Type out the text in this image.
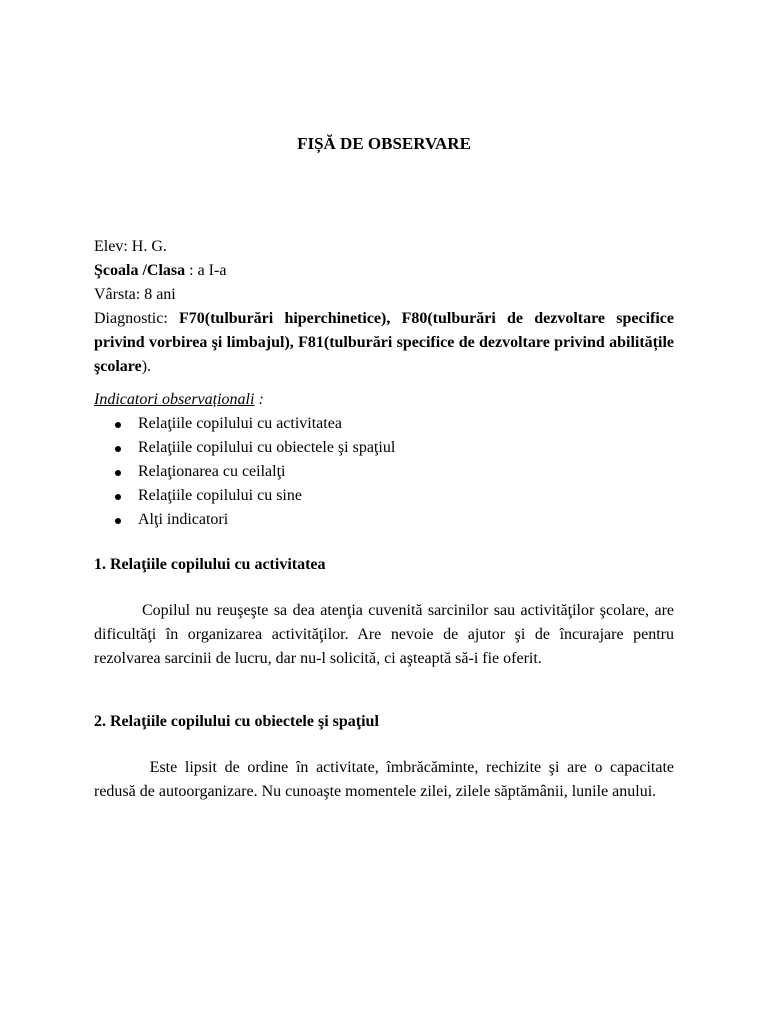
FIȘĂ DE OBSERVARE

Elev: H. G.

Şcoala /Clasa : a I-a

Vârsta: 8 ani

Diagnostic: F70(tulburări hiperchinetice), F80(tulburări de dezvoltare specifice privind vorbirea şi limbajul), F81(tulburări specifice de dezvoltare privind abilitățile şcolare).

Indicatori observaționali :
Relaţiile copilului cu activitatea
Relaţiile copilului cu obiectele şi spaţiul
Relaţionarea cu ceilalţi
Relaţiile copilului cu sine
Alţi indicatori
1. Relaţiile copilului cu activitatea

Copilul nu reuşeşte sa dea atenţia cuvenită sarcinilor sau activităţilor şcolare, are dificultăţi în organizarea activităţilor. Are nevoie de ajutor şi de încurajare pentru rezolvarea sarcinii de lucru, dar nu-l solicită, ci aşteaptă să-i fie oferit.

2. Relaţiile copilului cu obiectele şi spaţiul

Este lipsit de ordine în activitate, îmbrăcăminte, rechizite şi are o capacitate redusă de autoorganizare. Nu cunoaşte momentele zilei, zilele săptămânii, lunile anului.
